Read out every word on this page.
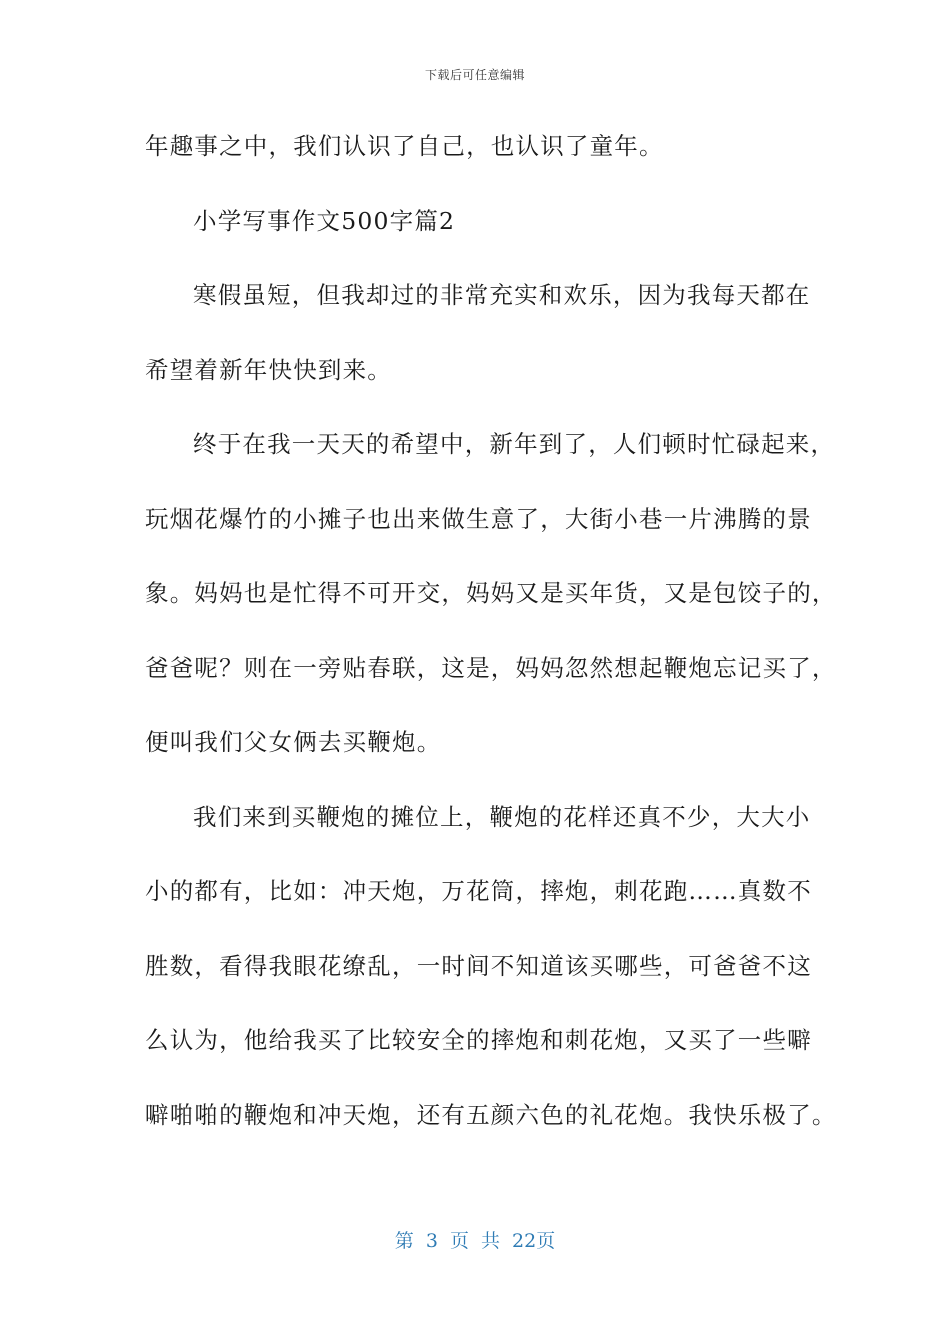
下载后可任意编辑
年趣事之中，我们认识了自己，也认识了童年。
小学写事作文500字篇2
寒假虽短，但我却过的非常充实和欢乐，因为我每天都在
希望着新年快快到来。
终于在我一天天的希望中，新年到了，人们顿时忙碌起来，
玩烟花爆竹的小摊子也出来做生意了，大街小巷一片沸腾的景
象。妈妈也是忙得不可开交，妈妈又是买年货，又是包饺子的，
爸爸呢？则在一旁贴春联，这是，妈妈忽然想起鞭炮忘记买了，
便叫我们父女俩去买鞭炮。
我们来到买鞭炮的摊位上，鞭炮的花样还真不少，大大小
小的都有，比如：冲天炮，万花筒，摔炮，刺花跑……真数不
胜数，看得我眼花缭乱，一时间不知道该买哪些，可爸爸不这
么认为，他给我买了比较安全的摔炮和刺花炮，又买了一些噼
噼啪啪的鞭炮和冲天炮，还有五颜六色的礼花炮。我快乐极了。
第 3 页 共 22页
